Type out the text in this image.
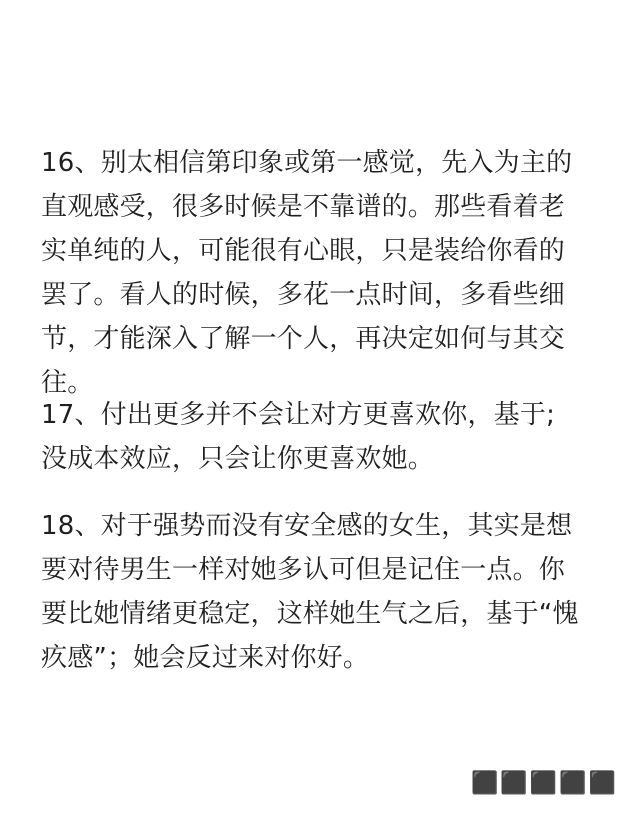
16、别太相信第印象或第一感觉，先入为主的
直观感受，很多时候是不靠谱的。那些看着老
实单纯的人，可能很有心眼，只是装给你看的
罢了。看人的时候，多花一点时间，多看些细
节，才能深入了解一个人，再决定如何与其交
往。
17、付出更多并不会让对方更喜欢你，基于;
没成本效应，只会让你更喜欢她。
18、对于强势而没有安全感的女生，其实是想
要对待男生一样对她多认可但是记住一点。你
要比她情绪更稳定，这样她生气之后，基于“愧
疚感”；她会反过来对你好。
⬛⬛⬛⬛⬛
